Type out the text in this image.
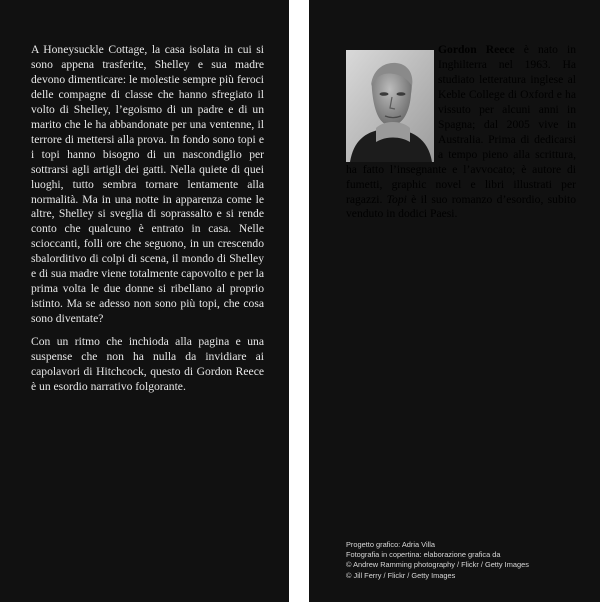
A Honeysuckle Cottage, la casa isolata in cui si sono appena trasferite, Shelley e sua madre devono dimenticare: le molestie sempre più feroci delle compagne di classe che hanno sfregiato il volto di Shelley, l’egoismo di un padre e di un marito che le ha abbandonate per una ventenne, il terrore di mettersi alla prova. In fondo sono topi e i topi hanno bisogno di un nascondiglio per sottrarsi agli artigli dei gatti. Nella quiete di quei luoghi, tutto sembra tornare lentamente alla normalità. Ma in una notte in apparenza come le altre, Shelley si sveglia di soprassalto e si rende conto che qualcuno è entrato in casa. Nelle scioccanti, folli ore che seguono, in un crescendo sbalorditivo di colpi di scena, il mondo di Shelley e di sua madre viene totalmente capovolto e per la prima volta le due donne si ribellano al proprio istinto. Ma se adesso non sono più topi, che cosa sono diventate?

Con un ritmo che inchioda alla pagina e una suspense che non ha nulla da invidiare ai capolavori di Hitchcock, questo di Gordon Reece è un esordio narrativo folgorante.

Gordon Reece è nato in Inghilterra nel 1963. Ha studiato letteratura inglese al Keble College di Oxford e ha vissuto per alcuni anni in Spagna; dal 2005 vive in Australia. Prima di dedicarsi a tempo pieno alla scrittura, ha fatto l’insegnante e l’avvocato; è autore di fumetti, graphic novel e libri illustrati per ragazzi. Topi è il suo romanzo d’esordio, subito venduto in dodici Paesi.
Progetto grafico: Adria Villa
Fotografia in copertina: elaborazione grafica da
© Andrew Ramming photography / Flickr / Getty Images
© Jill Ferry / Flickr / Getty Images
